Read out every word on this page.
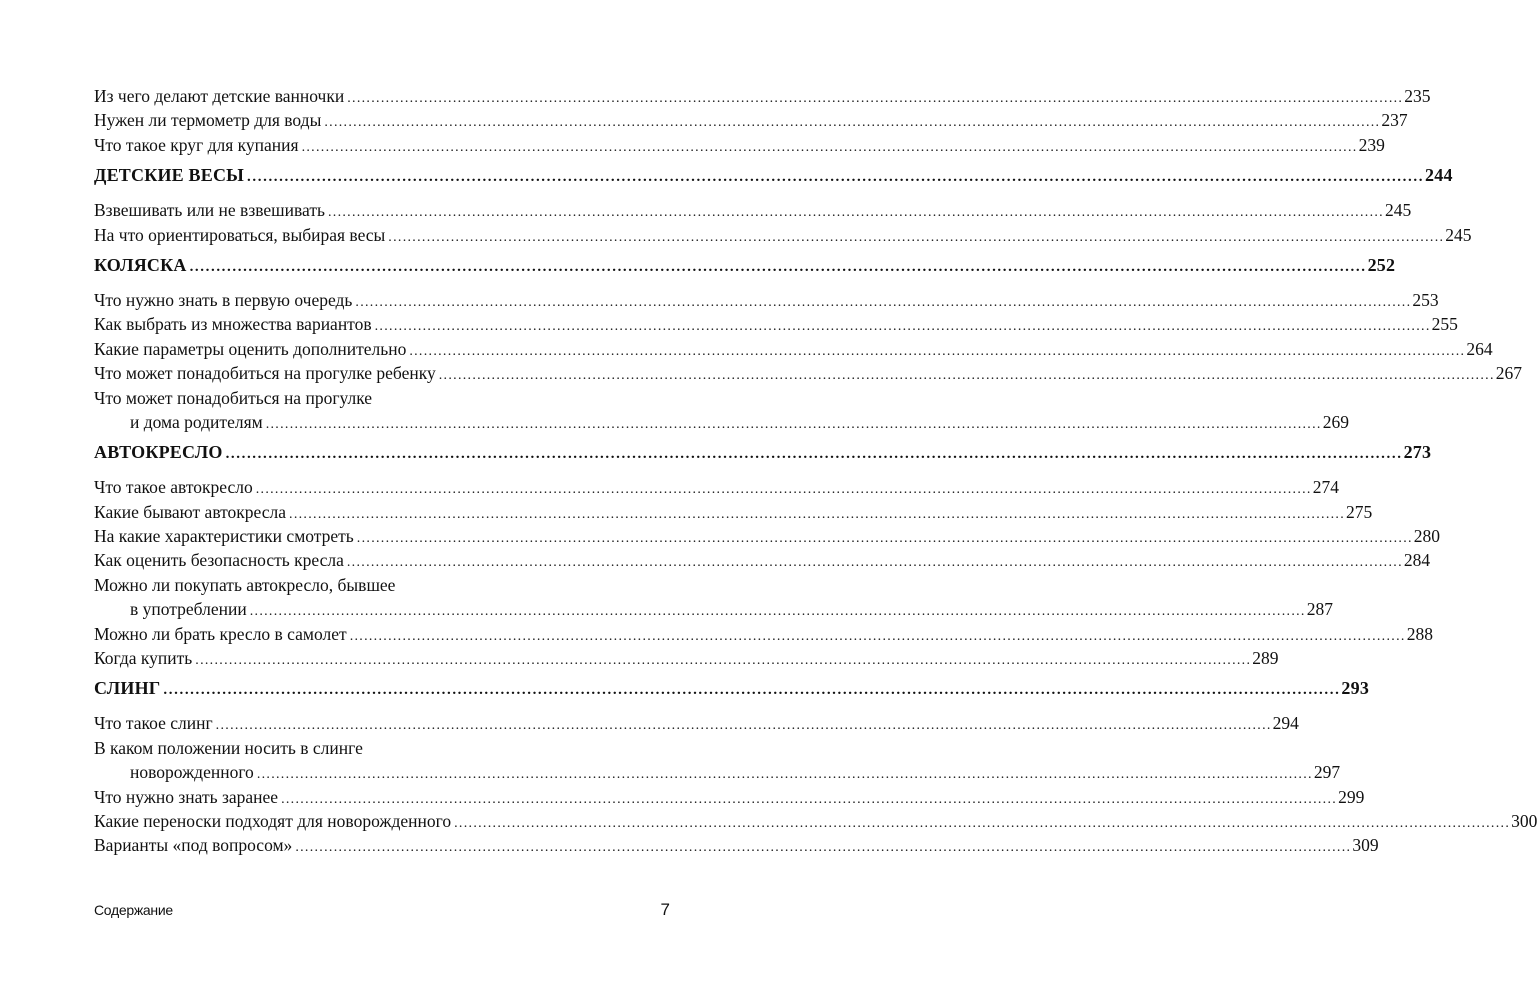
Из чего делают детские ванночки ............................................................................................................................................................................................................................ 235
Нужен ли термометр для воды ............................................................................................................................................................................................................................ 237
Что такое круг для купания ............................................................................................................................................................................................................................ 239
ДЕТСКИЕ ВЕСЫ ............................................................................................................................................................................................................................ 244
Взвешивать или не взвешивать ............................................................................................................................................................................................................................ 245
На что ориентироваться, выбирая весы ............................................................................................................................................................................................................................ 245
КОЛЯСКА ............................................................................................................................................................................................................................ 252
Что нужно знать в первую очередь ............................................................................................................................................................................................................................ 253
Как выбрать из множества вариантов ............................................................................................................................................................................................................................ 255
Какие параметры оценить дополнительно ............................................................................................................................................................................................................................ 264
Что может понадобиться на прогулке ребенку ............................................................................................................................................................................................................................ 267
Что может понадобиться на прогулке
и дома родителям ............................................................................................................................................................................................................................ 269
АВТОКРЕСЛО ............................................................................................................................................................................................................................ 273
Что такое автокресло ............................................................................................................................................................................................................................ 274
Какие бывают автокресла ............................................................................................................................................................................................................................ 275
На какие характеристики смотреть ............................................................................................................................................................................................................................ 280
Как оценить безопасность кресла ............................................................................................................................................................................................................................ 284
Можно ли покупать автокресло, бывшее
в употреблении ............................................................................................................................................................................................................................ 287
Можно ли брать кресло в самолет ............................................................................................................................................................................................................................ 288
Когда купить ............................................................................................................................................................................................................................ 289
СЛИНГ ............................................................................................................................................................................................................................ 293
Что такое слинг ............................................................................................................................................................................................................................ 294
В каком положении носить в слинге
новорожденного ............................................................................................................................................................................................................................ 297
Что нужно знать заранее ............................................................................................................................................................................................................................ 299
Какие переноски подходят для новорожденного ............................................................................................................................................................................................................................ 300
Варианты «под вопросом» ............................................................................................................................................................................................................................ 309
Содержание	7
